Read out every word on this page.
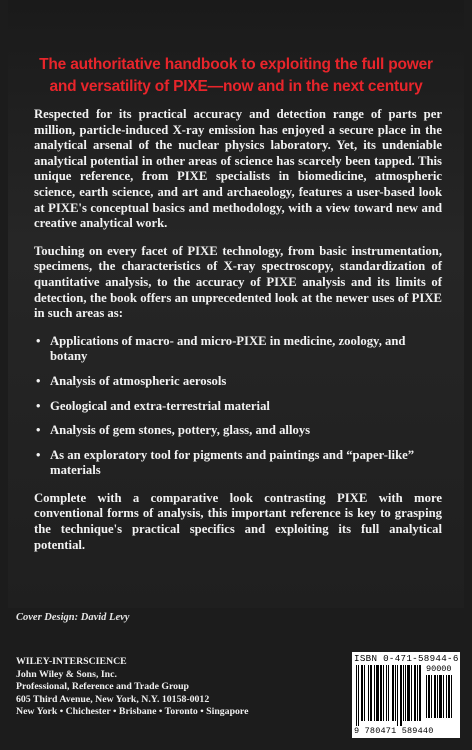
The authoritative handbook to exploiting the full power
and versatility of PIXE—now and in the next century

Respected for its practical accuracy and detection range of parts per million, particle-induced X-ray emission has enjoyed a secure place in the analytical arsenal of the nuclear physics laboratory. Yet, its undeniable analytical potential in other areas of science has scarcely been tapped. This unique reference, from PIXE specialists in biomedicine, atmospheric science, earth science, and art and archaeology, features a user-based look at PIXE's conceptual basics and methodology, with a view toward new and creative analytical work.

Touching on every facet of PIXE technology, from basic instrumentation, specimens, the characteristics of X-ray spectroscopy, standardization of quantitative analysis, to the accuracy of PIXE analysis and its limits of detection, the book offers an unprecedented look at the newer uses of PIXE in such areas as:

• Applications of macro- and micro-PIXE in medicine, zoology, and botany
• Analysis of atmospheric aerosols
• Geological and extra-terrestrial material
• Analysis of gem stones, pottery, glass, and alloys
• As an exploratory tool for pigments and paintings and “paper-like” materials

Complete with a comparative look contrasting PIXE with more conventional forms of analysis, this important reference is key to grasping the technique's practical specifics and exploiting its full analytical potential.

Cover Design: David Levy
WILEY-INTERSCIENCE
John Wiley & Sons, Inc.
Professional, Reference and Trade Group
605 Third Avenue, New York, N.Y. 10158-0012
New York • Chichester • Brisbane • Toronto • Singapore
ISBN 0-471-58944-6
90000
9 780471 589440
